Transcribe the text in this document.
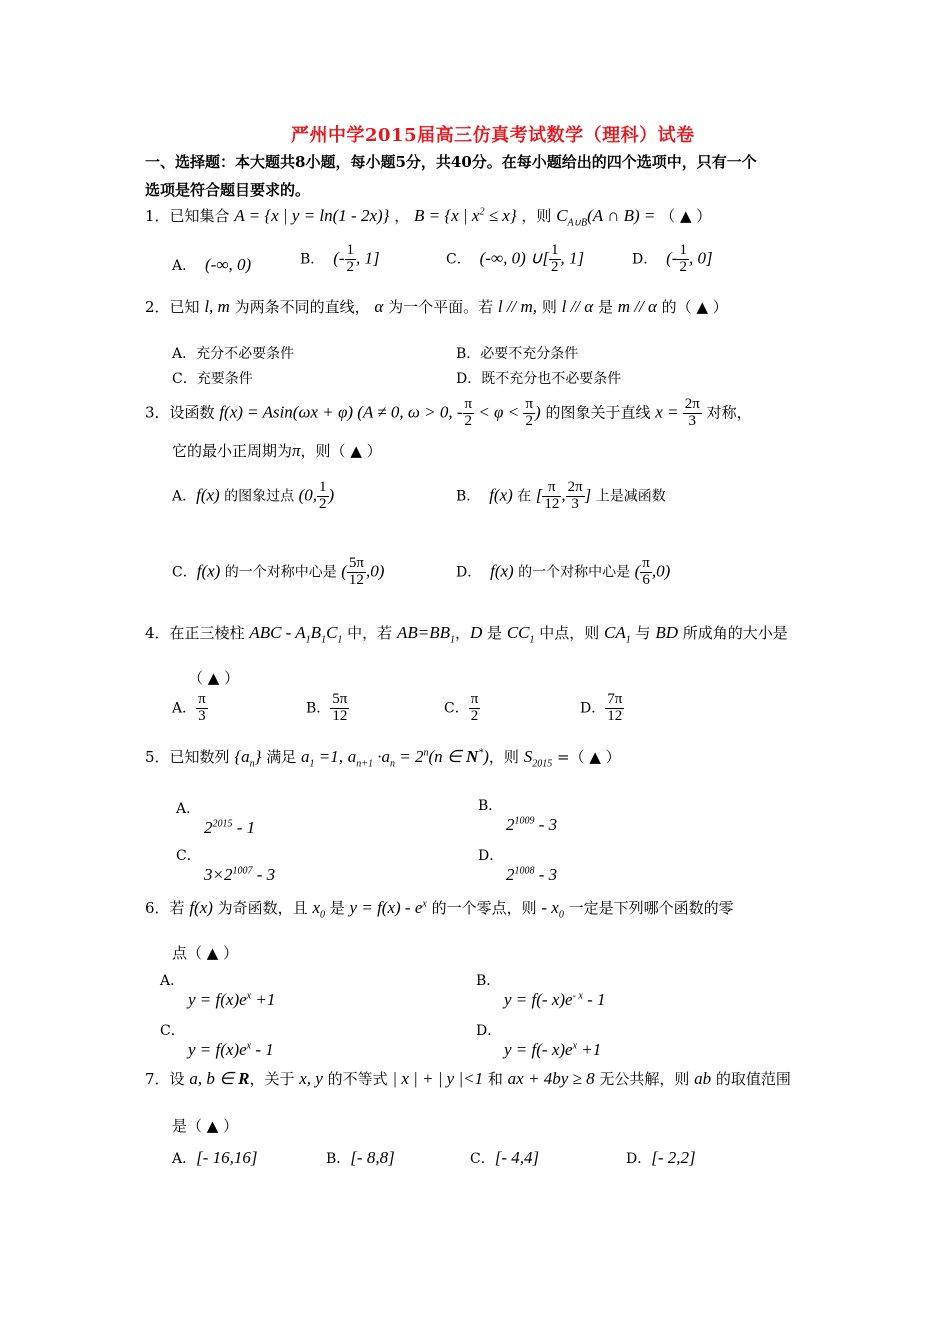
严州中学2015届高三仿真考试数学（理科）试卷
一、选择题：本大题共8小题，每小题5分，共40分。在每小题给出的四个选项中，只有一个
选项是符合题目要求的。
1．已知集合 A = {x | y = ln(1 - 2x)} ， B = {x | $x^2 \le x$} ，则 $C_{A\cup B}(A$ ∩ B) = （ ▲ ）
A．  (-∞, 0)	B．  (- $\frac{1}{2}$ , 1]	C．  (-∞, 0) ∪[ $\frac{1}{2}$ , 1]	D．  (- $\frac{1}{2}$ , 0]
2．已知 l, m 为两条不同的直线， α 为一个平面。若 l // m, 则 l // α 是 m // α 的（ ▲ ）
A．充分不必要条件	B．必要不充分条件
C．充要条件	D．既不充分也不必要条件
3．设函数 f(x) = Asin(ωx + φ) (A ≠ 0, ω > 0, - $\frac{\pi}{2} < \varphi < \frac{\pi}{2}$ ) 的图象关于直线 $x = \frac{2\pi}{3}$ 对称，
它的最小正周期为π，则（ ▲ ）
A．f(x) 的图象过点 (0, $\frac{1}{2}$ )	B．  f(x) 在 [ $\frac{\pi}{12}$ , $\frac{2\pi}{3}$ ] 上是减函数
C．f(x) 的一个对称中心是 ( $\frac{5\pi}{12} ,0$)	D．  f(x) 的一个对称中心是 ( $\frac{\pi}{6} ,0$)
4．在正三棱柱 ABC - $A_1B_1C_1$ 中，若 $AB=BB_1$，D 是 $CC_1$ 中点，则 $CA_1$ 与 BD 所成角的大小是
（ ▲ ）
A． $\frac{\pi}{3}$	B． $\frac{5\pi}{12}$	C． $\frac{\pi}{2}$	D． $\frac{7\pi}{12}$
5．已知数列 $\{a_n\}$ 满足 $a_1 =1$, $a_{n+1} \cdot a_n = 2^n(n$ ∈ N*)，则 $S_{2015}$ =（ ▲ ）
A．
$2^{2015} - 1$
B．
$2^{1009} - 3$
C．
$3\times 2^{1007} - 3$
D．
$2^{1008} - 3$
6．若 f(x) 为奇函数，且 $x_0$ 是 $y = f(x) - e^x$ 的一个零点，则 - $x_0$ 一定是下列哪个函数的零
点（ ▲ ）
A．
$y = f(x)e^x +1$
B．
y = f(- $x)e^{- x} - 1$
C．
$y = f(x)e^x - 1$
D．
y = f(- $x)e^x +1$
7．设 a, b ∈ R，关于 x, y 的不等式 | x | + | y |<1 和 ax + 4by ≥ 8 无公共解，则 ab 的取值范围
是（ ▲ ）
A．[- 16,16]	B．[- 8,8]	C．[- 4,4]	D．[- 2,2]
